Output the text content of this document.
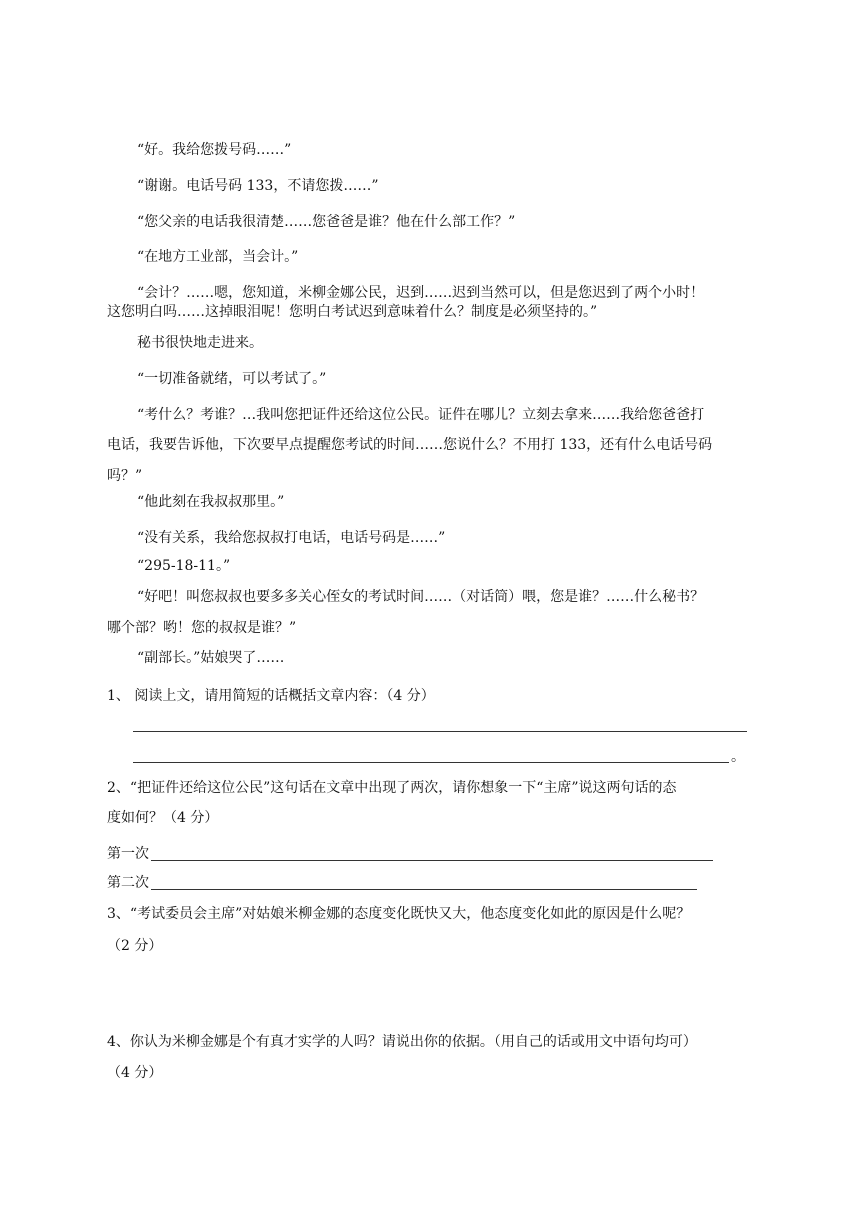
“好。我给您拨号码……”
“谢谢。电话号码 133，不请您拨……”
“您父亲的电话我很清楚……您爸爸是谁？他在什么部工作？”
“在地方工业部，当会计。”
“会计？……嗯，您知道，米柳金娜公民，迟到……迟到当然可以，但是您迟到了两个小时！
这您明白吗……这掉眼泪呢！您明白考试迟到意味着什么？制度是必须坚持的。”
秘书很快地走进来。
“一切准备就绪，可以考试了。”
“考什么？考谁？…我叫您把证件还给这位公民。证件在哪儿？立刻去拿来……我给您爸爸打
电话，我要告诉他，下次要早点提醒您考试的时间……您说什么？不用打 133，还有什么电话号码
吗？”
“他此刻在我叔叔那里。”
“没有关系，我给您叔叔打电话，电话号码是……”
“295-18-11。”
“好吧！叫您叔叔也要多多关心侄女的考试时间……（对话筒）喂，您是谁？……什么秘书？
哪个部？哟！您的叔叔是谁？”
“副部长。”姑娘哭了……
1、 阅读上文，请用简短的话概括文章内容：（4 分）
。
2、“把证件还给这位公民”这句话在文章中出现了两次，请你想象一下“主席”说这两句话的态
度如何？（4 分）
第一次
第二次
3、“考试委员会主席”对姑娘米柳金娜的态度变化既快又大，他态度变化如此的原因是什么呢？
（2 分）
4、你认为米柳金娜是个有真才实学的人吗？请说出你的依据。（用自己的话或用文中语句均可）
（4 分）
